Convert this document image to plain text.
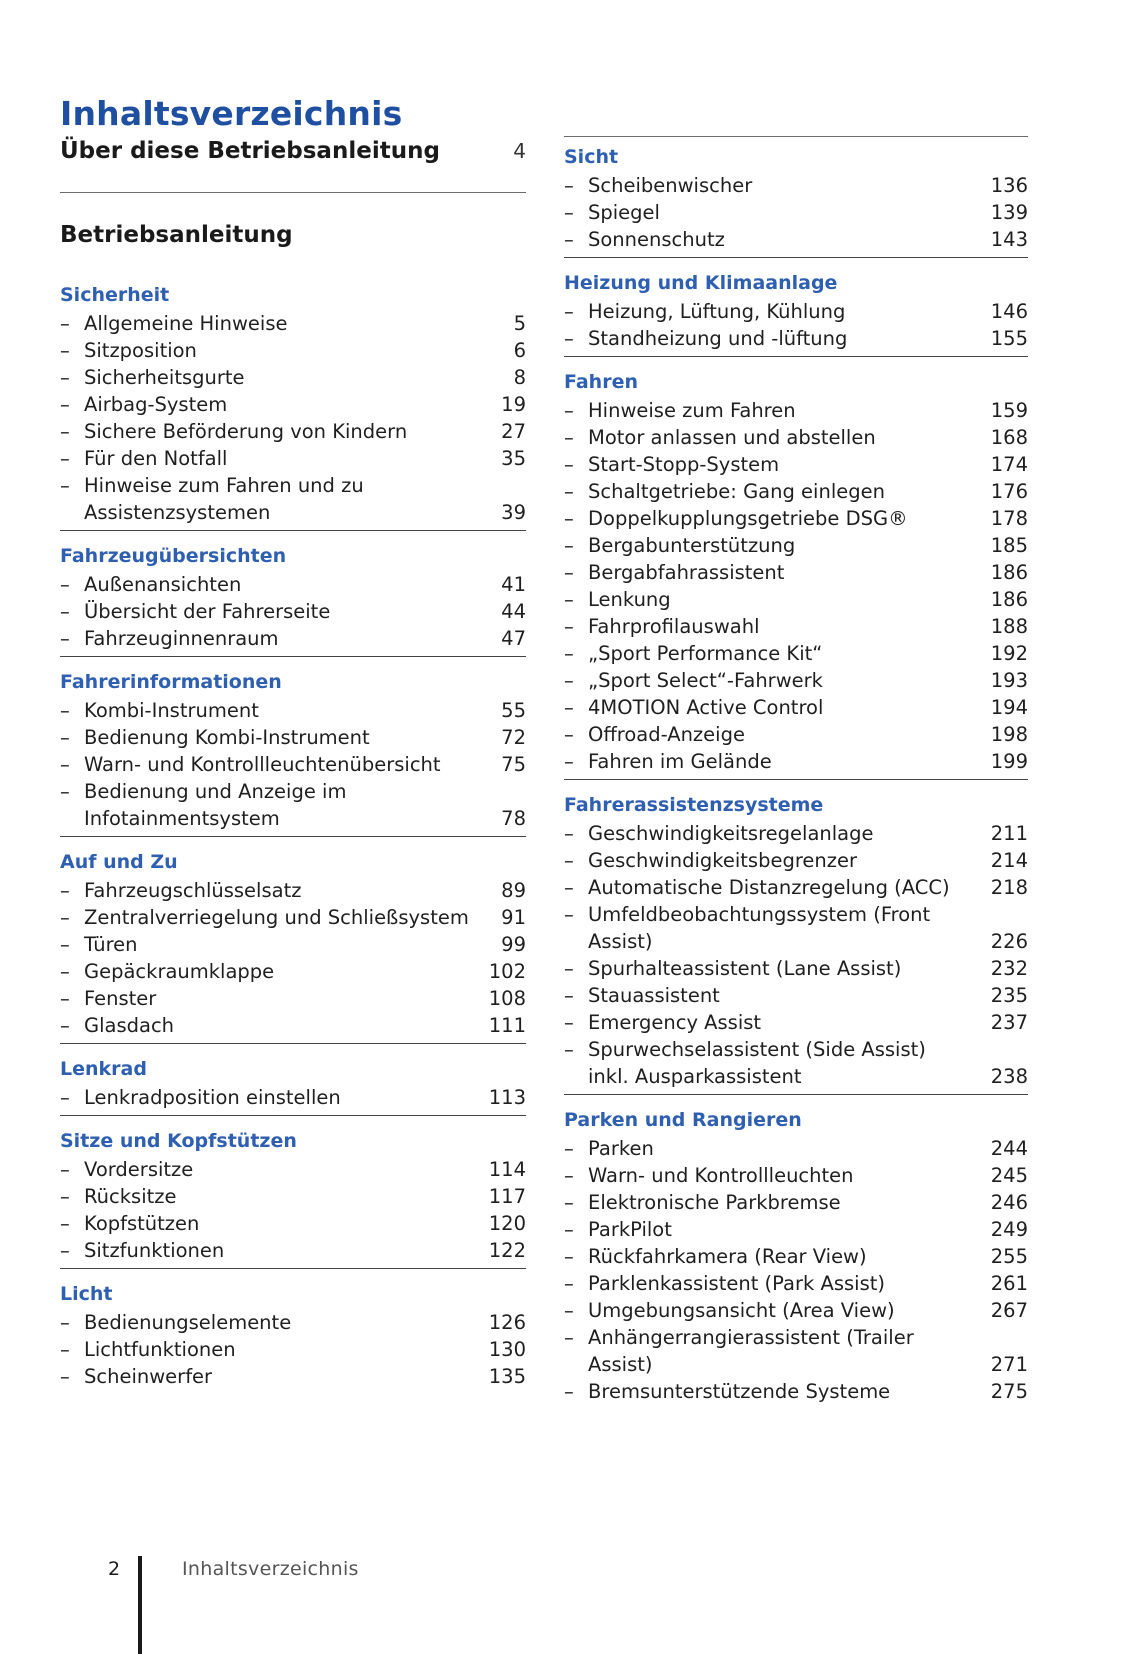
Inhaltsverzeichnis
Über diese Betriebsanleitung	4
Betriebsanleitung
Sicherheit
– Allgemeine Hinweise	5
– Sitzposition	6
– Sicherheitsgurte	8
– Airbag-System	19
– Sichere Beförderung von Kindern	27
– Für den Notfall	35
– Hinweise zum Fahren und zu
Assistenzsystemen	39
Fahrzeugübersichten
– Außenansichten	41
– Übersicht der Fahrerseite	44
– Fahrzeuginnenraum	47
Fahrerinformationen
– Kombi-Instrument	55
– Bedienung Kombi-Instrument	72
– Warn- und Kontrollleuchtenübersicht	75
– Bedienung und Anzeige im
Infotainmentsystem	78
Auf und Zu
– Fahrzeugschlüsselsatz	89
– Zentralverriegelung und Schließsystem	91
– Türen	99
– Gepäckraumklappe	102
– Fenster	108
– Glasdach	111
Lenkrad
– Lenkradposition einstellen	113
Sitze und Kopfstützen
– Vordersitze	114
– Rücksitze	117
– Kopfstützen	120
– Sitzfunktionen	122
Licht
– Bedienungselemente	126
– Lichtfunktionen	130
– Scheinwerfer	135
Sicht
– Scheibenwischer	136
– Spiegel	139
– Sonnenschutz	143
Heizung und Klimaanlage
– Heizung, Lüftung, Kühlung	146
– Standheizung und -lüftung	155
Fahren
– Hinweise zum Fahren	159
– Motor anlassen und abstellen	168
– Start-Stopp-System	174
– Schaltgetriebe: Gang einlegen	176
– Doppelkupplungsgetriebe DSG®	178
– Bergabunterstützung	185
– Bergabfahrassistent	186
– Lenkung	186
– Fahrprofilauswahl	188
– „Sport Performance Kit“	192
– „Sport Select“-Fahrwerk	193
– 4MOTION Active Control	194
– Offroad-Anzeige	198
– Fahren im Gelände	199
Fahrerassistenzsysteme
– Geschwindigkeitsregelanlage	211
– Geschwindigkeitsbegrenzer	214
– Automatische Distanzregelung (ACC)	218
– Umfeldbeobachtungssystem (Front
Assist)	226
– Spurhalteassistent (Lane Assist)	232
– Stauassistent	235
– Emergency Assist	237
– Spurwechselassistent (Side Assist)
inkl. Ausparkassistent	238
Parken und Rangieren
– Parken	244
– Warn- und Kontrollleuchten	245
– Elektronische Parkbremse	246
– ParkPilot	249
– Rückfahrkamera (Rear View)	255
– Parklenkassistent (Park Assist)	261
– Umgebungsansicht (Area View)	267
– Anhängerrangierassistent (Trailer Assist)	271
– Bremsunterstützende Systeme	275
2	Inhaltsverzeichnis
